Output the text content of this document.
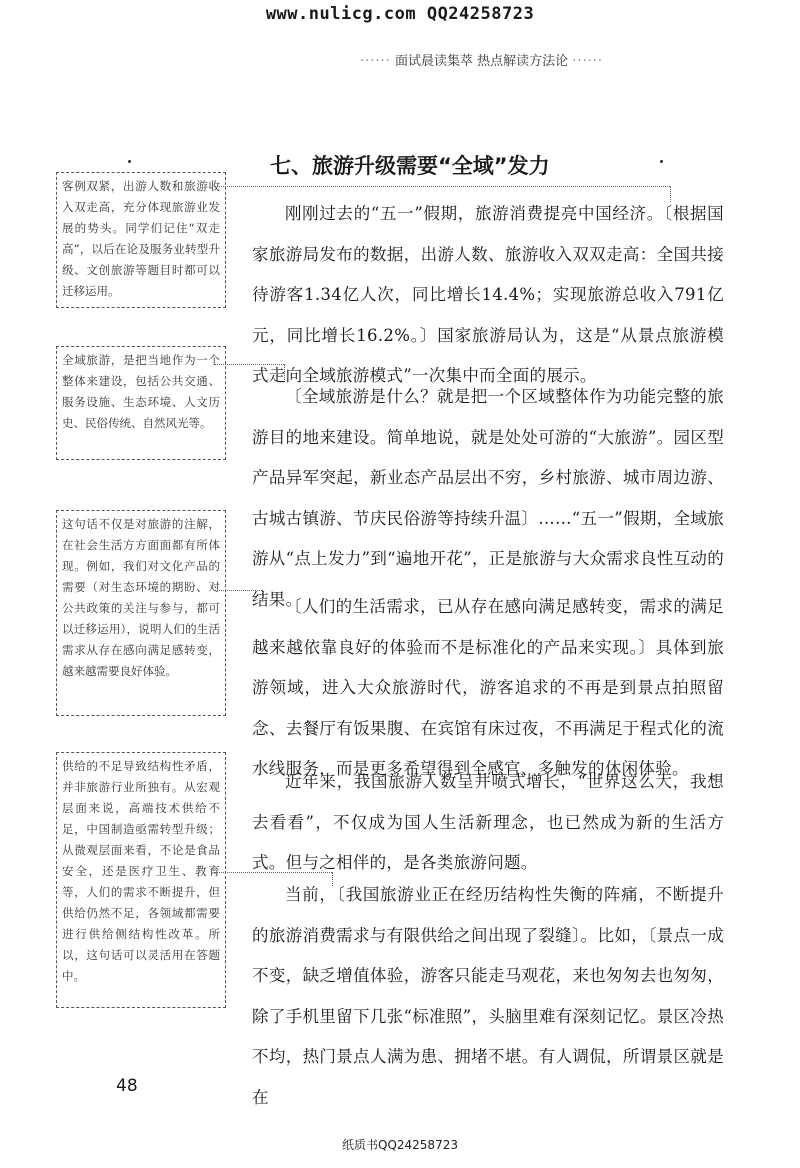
www.nulicg.com QQ24258723
······ 面试晨读集萃 热点解读方法论 ······
七、旅游升级需要“全域”发力
客例双紧，出游人数和旅游收入双走高，充分体现旅游业发展的势头。同学们记住“双走高”，以后在论及服务业转型升级、文创旅游等题目时都可以迁移运用。
全域旅游，是把当地作为一个整体来建设，包括公共交通、服务设施、生态环境、人文历史、民俗传统、自然风光等。
这句话不仅是对旅游的注解，在社会生活方方面面都有所体现。例如，我们对文化产品的需要（对生态环境的期盼、对公共政策的关注与参与，都可以迁移运用），说明人们的生活需求从存在感向满足感转变，越来越需要良好体验。
供给的不足导致结构性矛盾，并非旅游行业所独有。从宏观层面来说，高端技术供给不足，中国制造亟需转型升级；从微观层面来看，不论是食品安全，还是医疗卫生、教育等，人们的需求不断提升，但供给仍然不足，各领域都需要进行供给侧结构性改革。所以，这句话可以灵活用在答题中。

刚刚过去的“五一”假期，旅游消费提亮中国经济。〔根据国家旅游局发布的数据，出游人数、旅游收入双双走高：全国共接待游客1.34亿人次，同比增长14.4%；实现旅游总收入791亿元，同比增长16.2%。〕国家旅游局认为，这是“从景点旅游模式走向全域旅游模式”一次集中而全面的展示。

〔全域旅游是什么？就是把一个区域整体作为功能完整的旅游目的地来建设。简单地说，就是处处可游的“大旅游”。园区型产品异军突起，新业态产品层出不穷，乡村旅游、城市周边游、古城古镇游、节庆民俗游等持续升温〕……“五一”假期，全域旅游从“点上发力”到“遍地开花”，正是旅游与大众需求良性互动的结果。

〔人们的生活需求，已从存在感向满足感转变，需求的满足越来越依靠良好的体验而不是标准化的产品来实现。〕具体到旅游领域，进入大众旅游时代，游客追求的不再是到景点拍照留念、去餐厅有饭果腹、在宾馆有床过夜，不再满足于程式化的流水线服务，而是更多希望得到全感官、多触发的休闲体验。

近年来，我国旅游人数呈井喷式增长，“世界这么大，我想去看看”，不仅成为国人生活新理念，也已然成为新的生活方式。但与之相伴的，是各类旅游问题。

当前，〔我国旅游业正在经历结构性失衡的阵痛，不断提升的旅游消费需求与有限供给之间出现了裂缝〕。比如，〔景点一成不变，缺乏增值体验，游客只能走马观花，来也匆匆去也匆匆，除了手机里留下几张“标准照”，头脑里难有深刻记忆。景区冷热不均，热门景点人满为患、拥堵不堪。有人调侃，所谓景区就是在

48
纸质书QQ24258723
